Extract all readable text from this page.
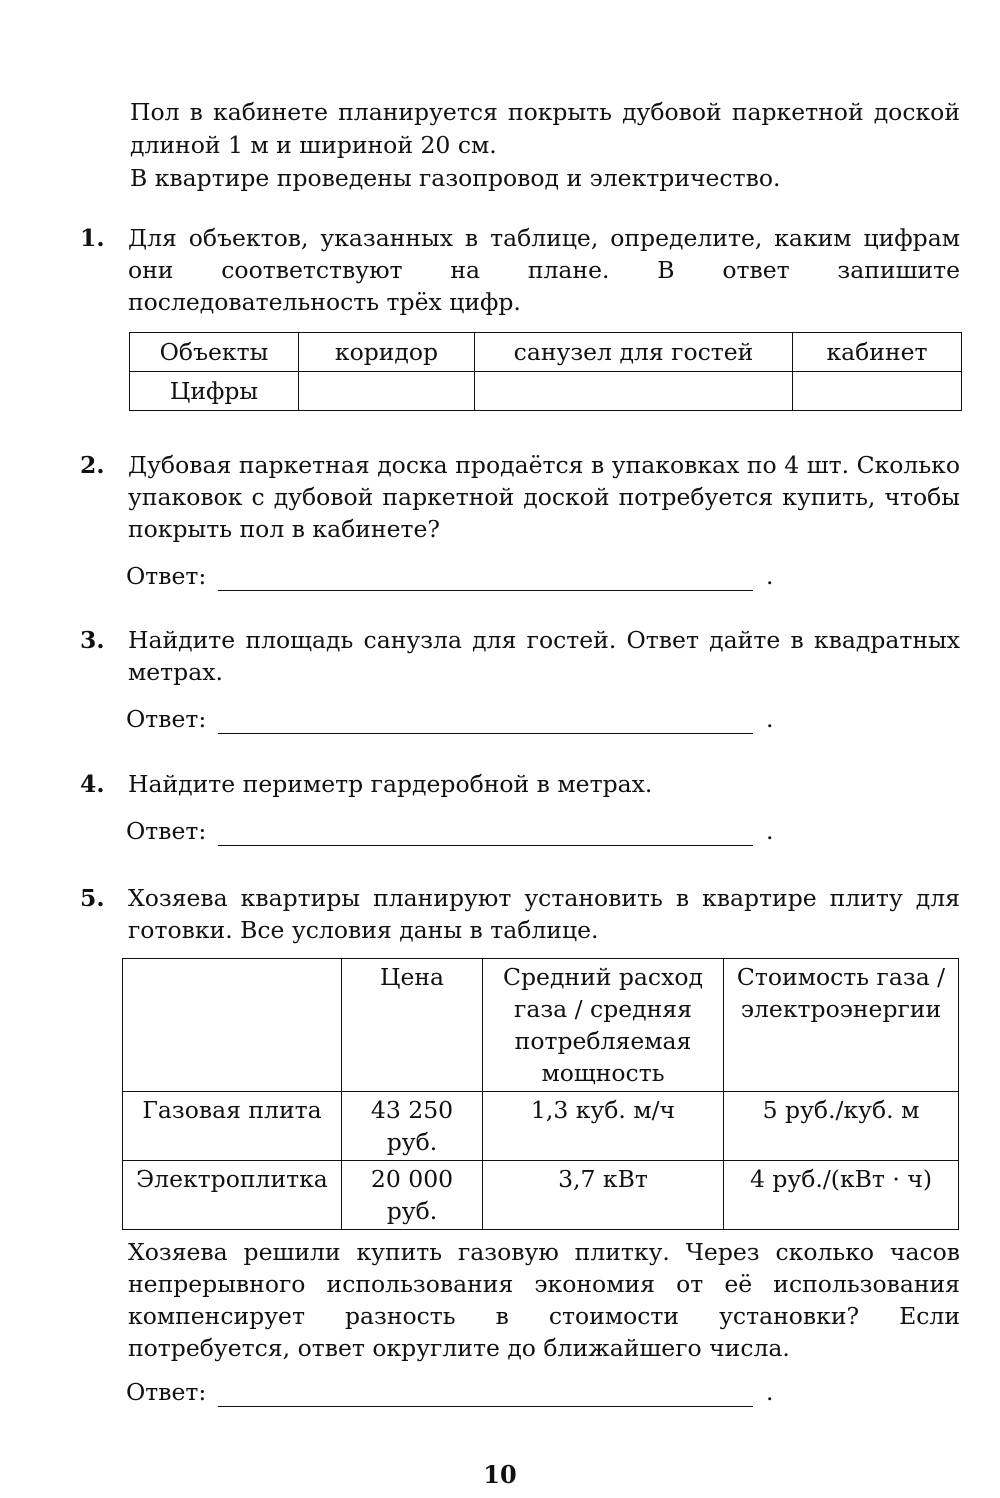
Пол в кабинете планируется покрыть дубовой паркетной доской длиной 1 м и шириной 20 см.

В квартире проведены газопровод и электричество.

1. Для объектов, указанных в таблице, определите, каким цифрам они соответствуют на плане. В ответ запишите последовательность трёх цифр.
Объекты	коридор	санузел для гостей	кабинет
Цифры			
2. Дубовая паркетная доска продаётся в упаковках по 4 шт. Сколько упаковок с дубовой паркетной доской потребуется купить, чтобы покрыть пол в кабинете?
Ответ:	.
3. Найдите площадь санузла для гостей. Ответ дайте в квадратных метрах.
Ответ:	.
4. Найдите периметр гардеробной в метрах.
Ответ:	.
5. Хозяева квартиры планируют установить в квартире плиту для готовки. Все условия даны в таблице.
	Цена	Средний расход газа / средняя потребляемая мощность	Стоимость газа / электроэнергии
Газовая плита	43 250 руб.	1,3 куб. м/ч	5 руб./куб. м
Электроплитка	20 000 руб.	3,7 кВт	4 руб./(кВт · ч)
Хозяева решили купить газовую плитку. Через сколько часов непрерывного использования экономия от её использования компенсирует разность в стоимости установки? Если потребуется, ответ округлите до ближайшего числа.
Ответ:	.
10
